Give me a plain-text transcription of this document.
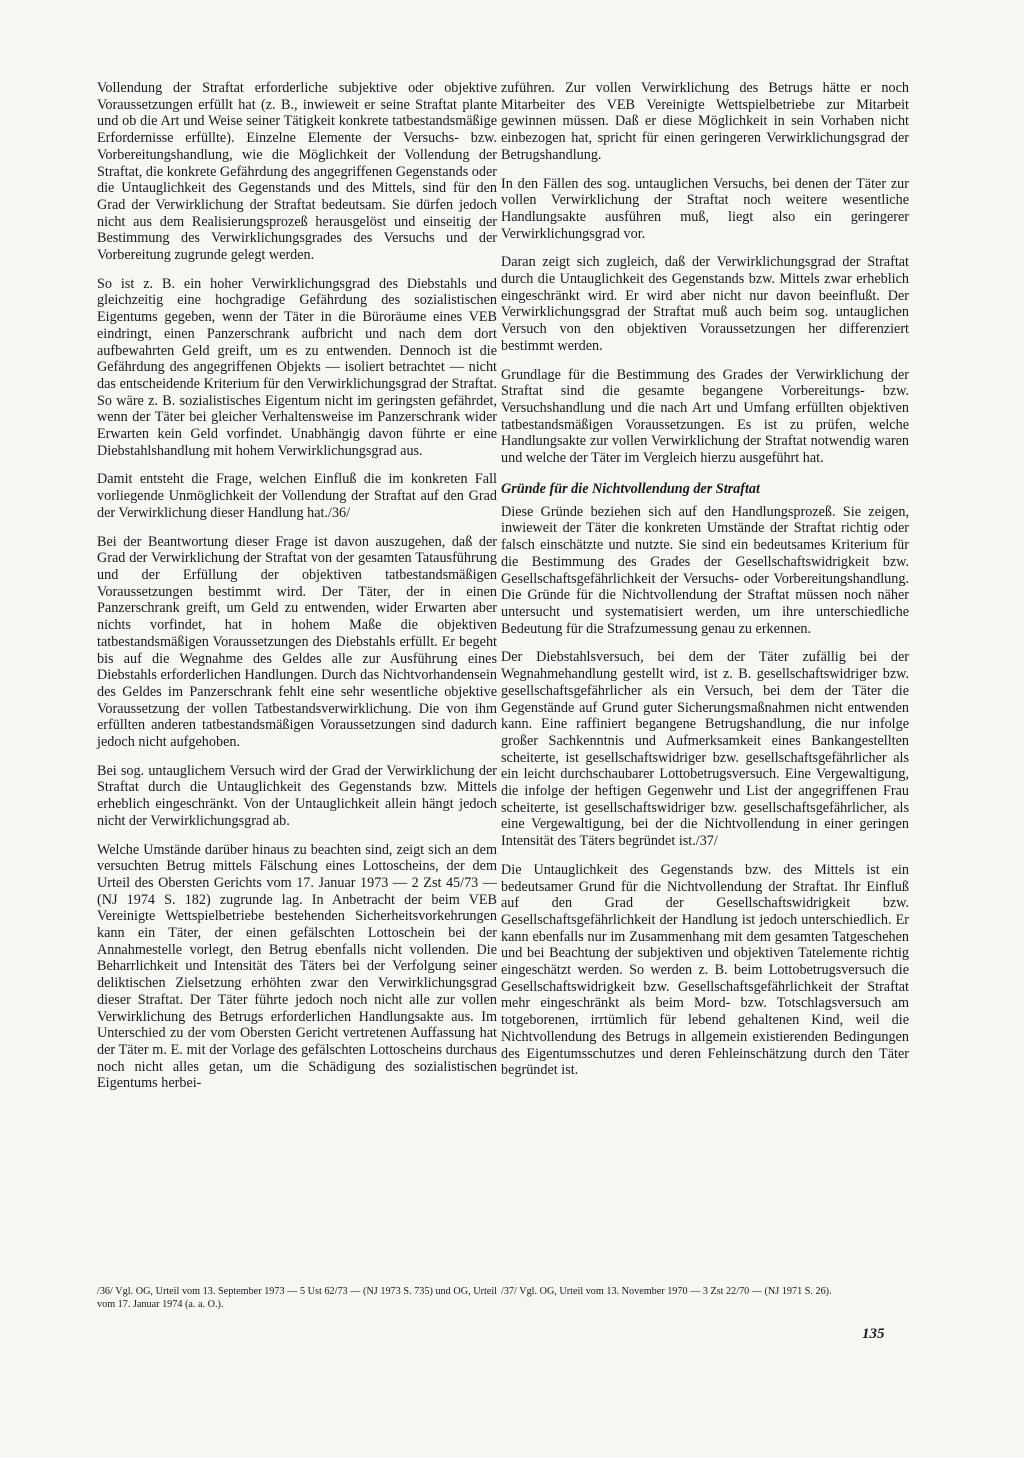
Vollendung der Straftat erforderliche subjektive oder objektive Voraussetzungen erfüllt hat (z. B., inwieweit er seine Straftat plante und ob die Art und Weise seiner Tätigkeit konkrete tatbestandsmäßige Erfordernisse erfüllte). Einzelne Elemente der Versuchs- bzw. Vorbereitungshandlung, wie die Möglichkeit der Vollendung der Straftat, die konkrete Gefährdung des angegriffenen Gegenstands oder die Untauglichkeit des Gegenstands und des Mittels, sind für den Grad der Verwirklichung der Straftat bedeutsam. Sie dürfen jedoch nicht aus dem Realisierungsprozeß herausgelöst und einseitig der Bestimmung des Verwirklichungsgrades des Versuchs und der Vorbereitung zugrunde gelegt werden.

So ist z. B. ein hoher Verwirklichungsgrad des Diebstahls und gleichzeitig eine hochgradige Gefährdung des sozialistischen Eigentums gegeben, wenn der Täter in die Büroräume eines VEB eindringt, einen Panzerschrank aufbricht und nach dem dort aufbewahrten Geld greift, um es zu entwenden. Dennoch ist die Gefährdung des angegriffenen Objekts — isoliert betrachtet — nicht das entscheidende Kriterium für den Verwirklichungsgrad der Straftat. So wäre z. B. sozialistisches Eigentum nicht im geringsten gefährdet, wenn der Täter bei gleicher Verhaltensweise im Panzerschrank wider Erwarten kein Geld vorfindet. Unabhängig davon führte er eine Diebstahlshandlung mit hohem Verwirklichungsgrad aus.

Damit entsteht die Frage, welchen Einfluß die im konkreten Fall vorliegende Unmöglichkeit der Vollendung der Straftat auf den Grad der Verwirklichung dieser Handlung hat./36/

Bei der Beantwortung dieser Frage ist davon auszugehen, daß der Grad der Verwirklichung der Straftat von der gesamten Tatausführung und der Erfüllung der objektiven tatbestandsmäßigen Voraussetzungen bestimmt wird. Der Täter, der in einen Panzerschrank greift, um Geld zu entwenden, wider Erwarten aber nichts vorfindet, hat in hohem Maße die objektiven tatbestandsmäßigen Voraussetzungen des Diebstahls erfüllt. Er begeht bis auf die Wegnahme des Geldes alle zur Ausführung eines Diebstahls erforderlichen Handlungen. Durch das Nichtvorhandensein des Geldes im Panzerschrank fehlt eine sehr wesentliche objektive Voraussetzung der vollen Tatbestandsverwirklichung. Die von ihm erfüllten anderen tatbestandsmäßigen Voraussetzungen sind dadurch jedoch nicht aufgehoben.

Bei sog. untauglichem Versuch wird der Grad der Verwirklichung der Straftat durch die Untauglichkeit des Gegenstands bzw. Mittels erheblich eingeschränkt. Von der Untauglichkeit allein hängt jedoch nicht der Verwirklichungsgrad ab.

Welche Umstände darüber hinaus zu beachten sind, zeigt sich an dem versuchten Betrug mittels Fälschung eines Lottoscheins, der dem Urteil des Obersten Gerichts vom 17. Januar 1973 — 2 Zst 45/73 — (NJ 1974 S. 182) zugrunde lag. In Anbetracht der beim VEB Vereinigte Wettspielbetriebe bestehenden Sicherheitsvorkehrungen kann ein Täter, der einen gefälschten Lottoschein bei der Annahmestelle vorlegt, den Betrug ebenfalls nicht vollenden. Die Beharrlichkeit und Intensität des Täters bei der Verfolgung seiner deliktischen Zielsetzung erhöhten zwar den Verwirklichungsgrad dieser Straftat. Der Täter führte jedoch noch nicht alle zur vollen Verwirklichung des Betrugs erforderlichen Handlungsakte aus. Im Unterschied zu der vom Obersten Gericht vertretenen Auffassung hat der Täter m. E. mit der Vorlage des gefälschten Lottoscheins durchaus noch nicht alles getan, um die Schädigung des sozialistischen Eigentums herbei-

zuführen. Zur vollen Verwirklichung des Betrugs hätte er noch Mitarbeiter des VEB Vereinigte Wettspielbetriebe zur Mitarbeit gewinnen müssen. Daß er diese Möglichkeit in sein Vorhaben nicht einbezogen hat, spricht für einen geringeren Verwirklichungsgrad der Betrugshandlung.

In den Fällen des sog. untauglichen Versuchs, bei denen der Täter zur vollen Verwirklichung der Straftat noch weitere wesentliche Handlungsakte ausführen muß, liegt also ein geringerer Verwirklichungsgrad vor.

Daran zeigt sich zugleich, daß der Verwirklichungsgrad der Straftat durch die Untauglichkeit des Gegenstands bzw. Mittels zwar erheblich eingeschränkt wird. Er wird aber nicht nur davon beeinflußt. Der Verwirklichungsgrad der Straftat muß auch beim sog. untauglichen Versuch von den objektiven Voraussetzungen her differenziert bestimmt werden.

Grundlage für die Bestimmung des Grades der Verwirklichung der Straftat sind die gesamte begangene Vorbereitungs- bzw. Versuchshandlung und die nach Art und Umfang erfüllten objektiven tatbestandsmäßigen Voraussetzungen. Es ist zu prüfen, welche Handlungsakte zur vollen Verwirklichung der Straftat notwendig waren und welche der Täter im Vergleich hierzu ausgeführt hat.

Gründe für die Nichtvollendung der Straftat

Diese Gründe beziehen sich auf den Handlungsprozeß. Sie zeigen, inwieweit der Täter die konkreten Umstände der Straftat richtig oder falsch einschätzte und nutzte. Sie sind ein bedeutsames Kriterium für die Bestimmung des Grades der Gesellschaftswidrigkeit bzw. Gesellschaftsgefährlichkeit der Versuchs- oder Vorbereitungshandlung. Die Gründe für die Nichtvollendung der Straftat müssen noch näher untersucht und systematisiert werden, um ihre unterschiedliche Bedeutung für die Strafzumessung genau zu erkennen.

Der Diebstahlsversuch, bei dem der Täter zufällig bei der Wegnahmehandlung gestellt wird, ist z. B. gesellschaftswidriger bzw. gesellschaftsgefährlicher als ein Versuch, bei dem der Täter die Gegenstände auf Grund guter Sicherungsmaßnahmen nicht entwenden kann. Eine raffiniert begangene Betrugshandlung, die nur infolge großer Sachkenntnis und Aufmerksamkeit eines Bankangestellten scheiterte, ist gesellschaftswidriger bzw. gesellschaftsgefährlicher als ein leicht durchschaubarer Lottobetrugsversuch. Eine Vergewaltigung, die infolge der heftigen Gegenwehr und List der angegriffenen Frau scheiterte, ist gesellschaftswidriger bzw. gesellschaftsgefährlicher, als eine Vergewaltigung, bei der die Nichtvollendung in einer geringen Intensität des Täters begründet ist./37/

Die Untauglichkeit des Gegenstands bzw. des Mittels ist ein bedeutsamer Grund für die Nichtvollendung der Straftat. Ihr Einfluß auf den Grad der Gesellschaftswidrigkeit bzw. Gesellschaftsgefährlichkeit der Handlung ist jedoch unterschiedlich. Er kann ebenfalls nur im Zusammenhang mit dem gesamten Tatgeschehen und bei Beachtung der subjektiven und objektiven Tatelemente richtig eingeschätzt werden. So werden z. B. beim Lottobetrugsversuch die Gesellschaftswidrigkeit bzw. Gesellschaftsgefährlichkeit der Straftat mehr eingeschränkt als beim Mord- bzw. Totschlagsversuch am totgeborenen, irrtümlich für lebend gehaltenen Kind, weil die Nichtvollendung des Betrugs in allgemein existierenden Bedingungen des Eigentumsschutzes und deren Fehleinschätzung durch den Täter begründet ist.

/36/ Vgl. OG, Urteil vom 13. September 1973 — 5 Ust 62/73 — (NJ 1973 S. 735) und OG, Urteil vom 17. Januar 1974 (a. a. O.).
/37/ Vgl. OG, Urteil vom 13. November 1970 — 3 Zst 22/70 — (NJ 1971 S. 26).
135
